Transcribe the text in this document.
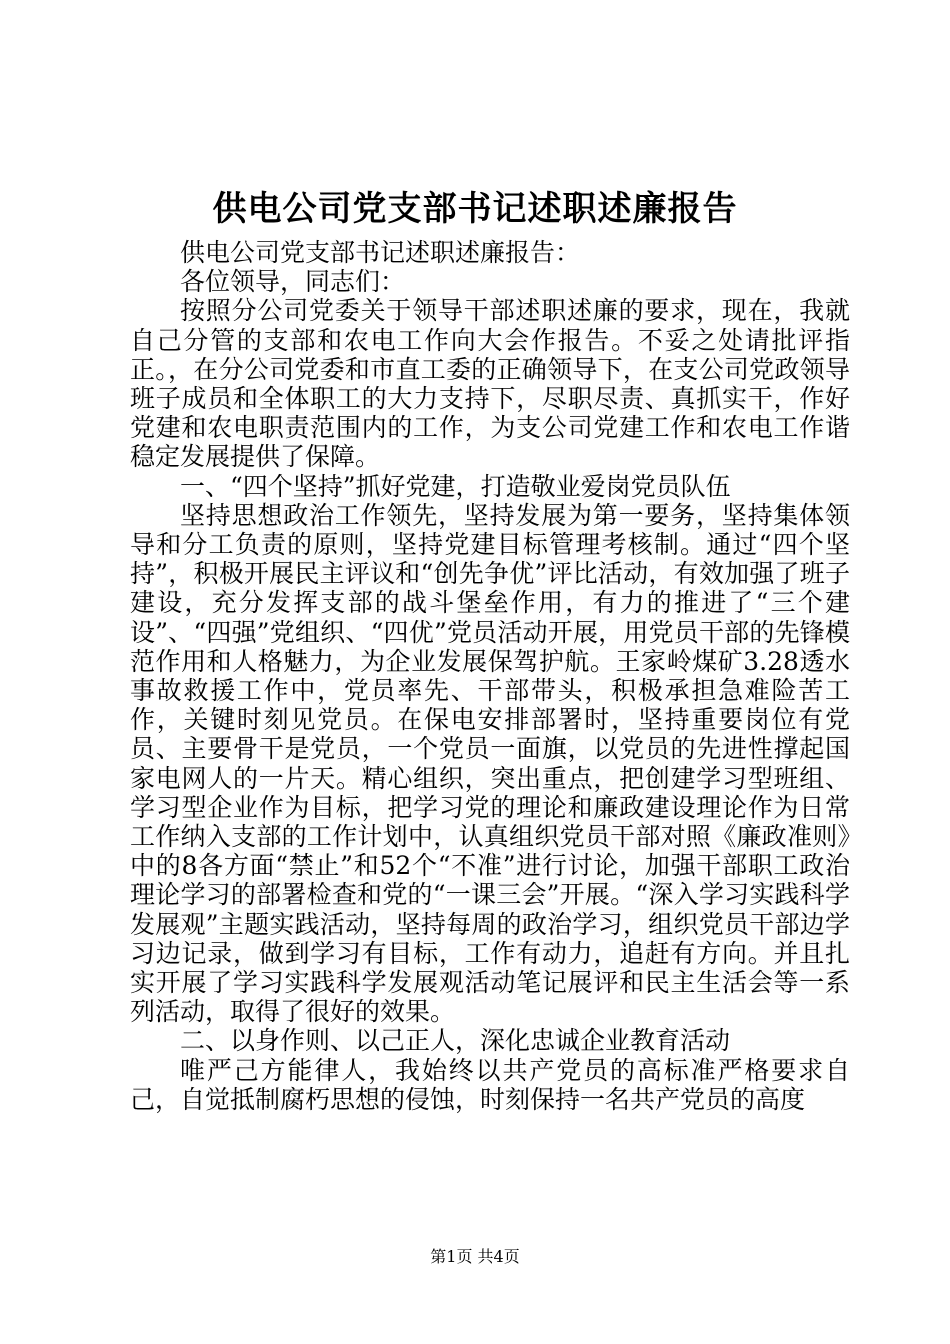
供电公司党支部书记述职述廉报告

供电公司党支部书记述职述廉报告：

各位领导，同志们：

按照分公司党委关于领导干部述职述廉的要求，现在，我就自己分管的支部和农电工作向大会作报告。不妥之处请批评指正。，在分公司党委和市直工委的正确领导下，在支公司党政领导班子成员和全体职工的大力支持下，尽职尽责、真抓实干，作好党建和农电职责范围内的工作，为支公司党建工作和农电工作谐稳定发展提供了保障。

一、“四个坚持”抓好党建，打造敬业爱岗党员队伍

坚持思想政治工作领先，坚持发展为第一要务，坚持集体领导和分工负责的原则，坚持党建目标管理考核制。通过“四个坚持”，积极开展民主评议和“创先争优”评比活动，有效加强了班子建设，充分发挥支部的战斗堡垒作用，有力的推进了“三个建设”、“四强”党组织、“四优”党员活动开展，用党员干部的先锋模范作用和人格魅力，为企业发展保驾护航。王家岭煤矿3.28透水事故救援工作中，党员率先、干部带头，积极承担急难险苦工作，关键时刻见党员。在保电安排部署时，坚持重要岗位有党员、主要骨干是党员，一个党员一面旗，以党员的先进性撑起国家电网人的一片天。精心组织，突出重点，把创建学习型班组、学习型企业作为目标，把学习党的理论和廉政建设理论作为日常工作纳入支部的工作计划中，认真组织党员干部对照《廉政准则》中的8各方面“禁止”和52个“不准”进行讨论，加强干部职工政治理论学习的部署检查和党的“一课三会”开展。“深入学习实践科学发展观”主题实践活动，坚持每周的政治学习，组织党员干部边学习边记录，做到学习有目标，工作有动力，追赶有方向。并且扎实开展了学习实践科学发展观活动笔记展评和民主生活会等一系列活动，取得了很好的效果。

二、以身作则、以己正人，深化忠诚企业教育活动

唯严己方能律人，我始终以共产党员的高标准严格要求自己，自觉抵制腐朽思想的侵蚀，时刻保持一名共产党员的高度

第1页 共4页
